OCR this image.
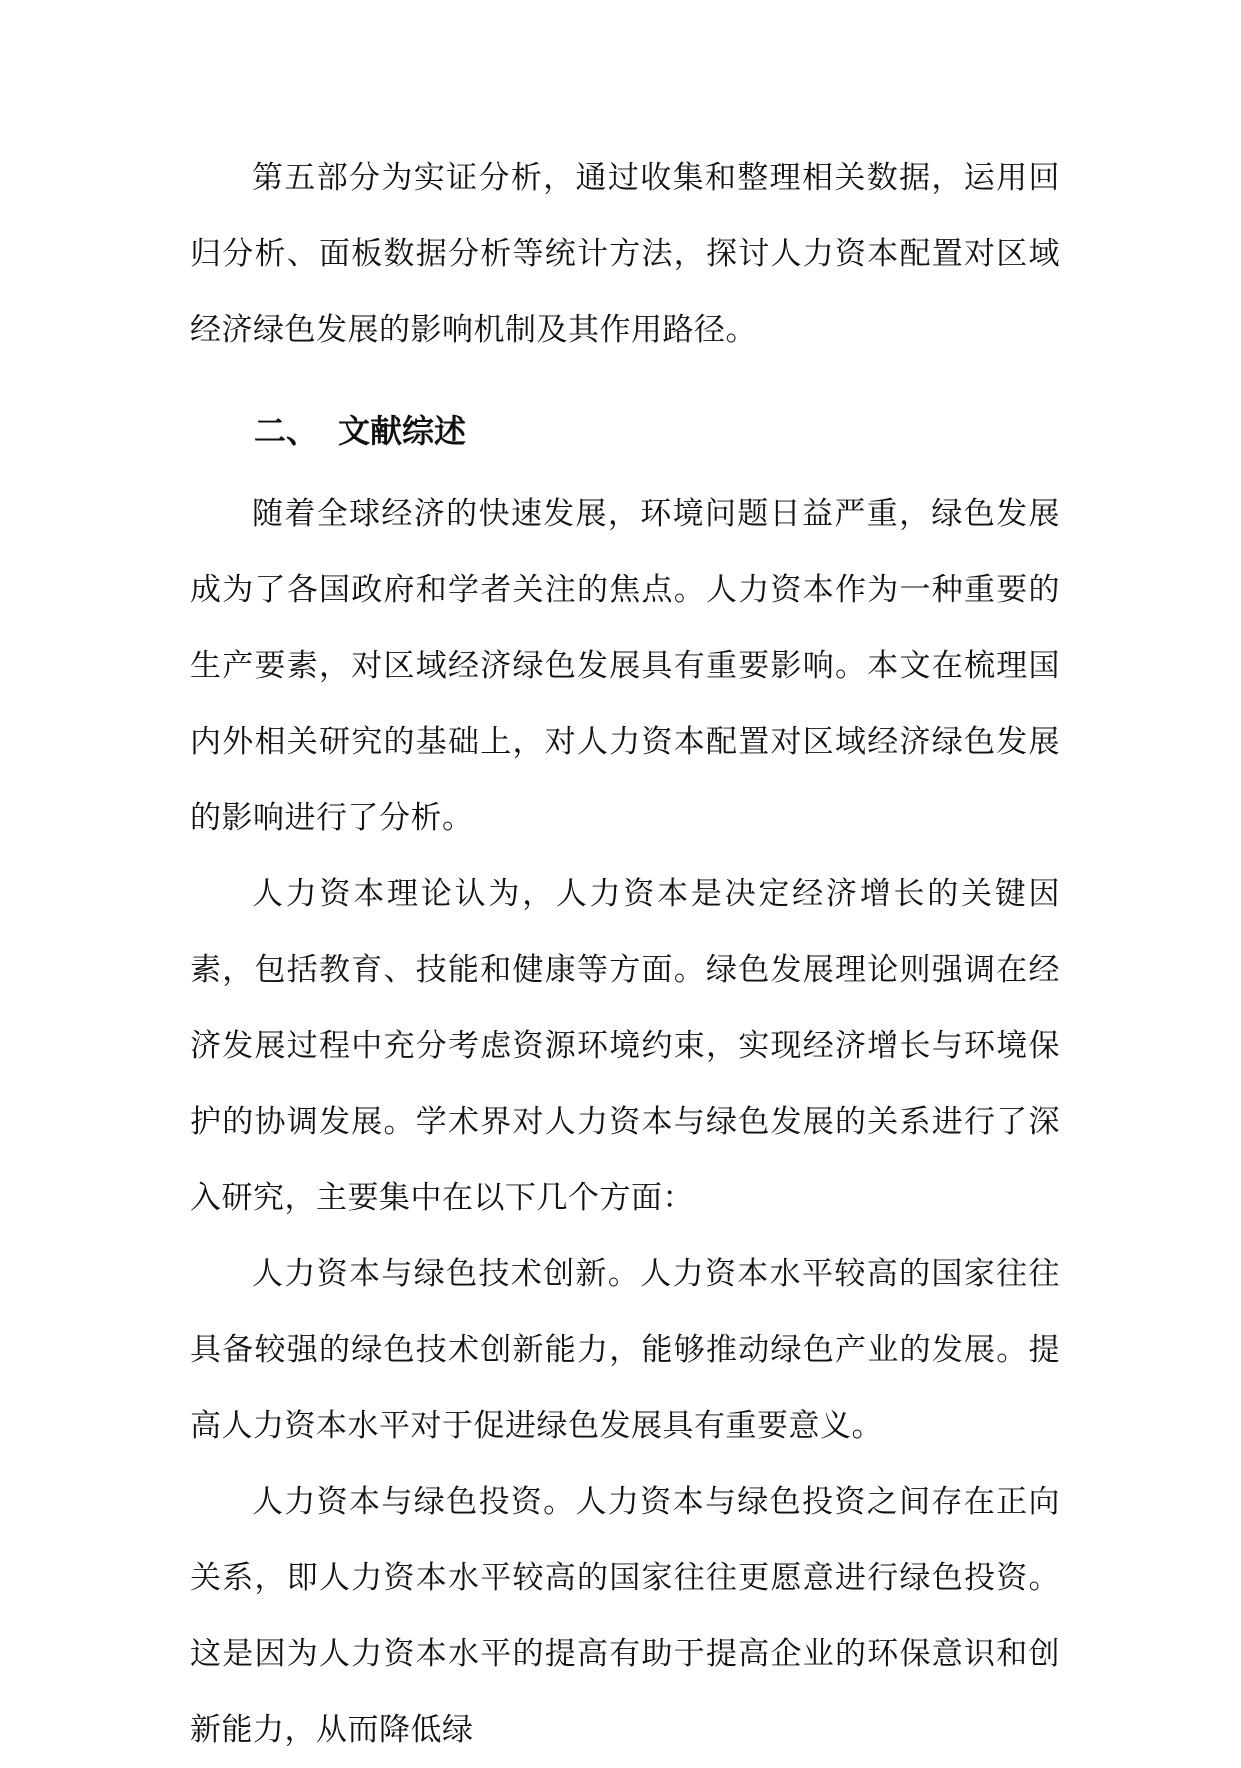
第五部分为实证分析，通过收集和整理相关数据，运用回归分析、面板数据分析等统计方法，探讨人力资本配置对区域经济绿色发展的影响机制及其作用路径。

二、 文献综述

随着全球经济的快速发展，环境问题日益严重，绿色发展成为了各国政府和学者关注的焦点。人力资本作为一种重要的生产要素，对区域经济绿色发展具有重要影响。本文在梳理国内外相关研究的基础上，对人力资本配置对区域经济绿色发展的影响进行了分析。

人力资本理论认为，人力资本是决定经济增长的关键因素，包括教育、技能和健康等方面。绿色发展理论则强调在经济发展过程中充分考虑资源环境约束，实现经济增长与环境保护的协调发展。学术界对人力资本与绿色发展的关系进行了深入研究，主要集中在以下几个方面：

人力资本与绿色技术创新。人力资本水平较高的国家往往具备较强的绿色技术创新能力，能够推动绿色产业的发展。提高人力资本水平对于促进绿色发展具有重要意义。

人力资本与绿色投资。人力资本与绿色投资之间存在正向关系，即人力资本水平较高的国家往往更愿意进行绿色投资。这是因为人力资本水平的提高有助于提高企业的环保意识和创新能力，从而降低绿
